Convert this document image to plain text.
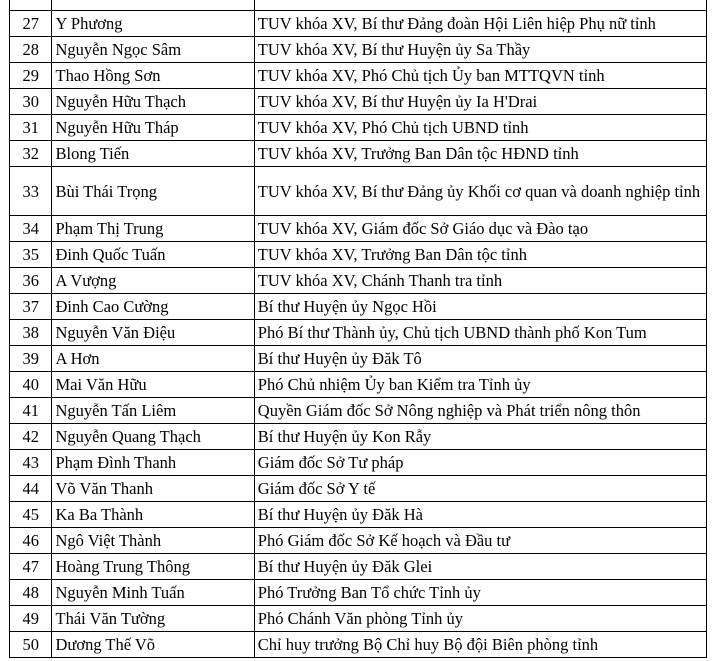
27	Y Phương	TUV khóa XV, Bí thư Đảng đoàn Hội Liên hiệp Phụ nữ tỉnh
28	Nguyễn Ngọc Sâm	TUV khóa XV, Bí thư Huyện ủy Sa Thầy
29	Thao Hồng Sơn	TUV khóa XV, Phó Chủ tịch Ủy ban MTTQVN tỉnh
30	Nguyễn Hữu Thạch	TUV khóa XV, Bí thư Huyện ủy Ia H'Drai
31	Nguyễn Hữu Tháp	TUV khóa XV, Phó Chủ tịch UBND tỉnh
32	Blong Tiến	TUV khóa XV, Trưởng Ban Dân tộc HĐND tỉnh
33	Bùi Thái Trọng	TUV khóa XV, Bí thư Đảng ủy Khối cơ quan và doanh nghiệp tỉnh
34	Phạm Thị Trung	TUV khóa XV, Giám đốc Sở Giáo dục và Đào tạo
35	Đinh Quốc Tuấn	TUV khóa XV, Trưởng Ban Dân tộc tỉnh
36	A Vượng	TUV khóa XV, Chánh Thanh tra tỉnh
37	Đinh Cao Cường	Bí thư Huyện ủy Ngọc Hồi
38	Nguyễn Văn Điệu	Phó Bí thư Thành ủy, Chủ tịch UBND thành phố Kon Tum
39	A Hơn	Bí thư Huyện ủy Đăk Tô
40	Mai Văn Hữu	Phó Chủ nhiệm Ủy ban Kiểm tra Tỉnh ủy
41	Nguyễn Tấn Liêm	Quyền Giám đốc Sở Nông nghiệp và Phát triển nông thôn
42	Nguyễn Quang Thạch	Bí thư Huyện ủy Kon Rẫy
43	Phạm Đình Thanh	Giám đốc Sở Tư pháp
44	Võ Văn Thanh	Giám đốc Sở Y tế
45	Ka Ba Thành	Bí thư Huyện ủy Đăk Hà
46	Ngô Việt Thành	Phó Giám đốc Sở Kế hoạch và Đầu tư
47	Hoàng Trung Thông	Bí thư Huyện ủy Đăk Glei
48	Nguyễn Minh Tuấn	Phó Trưởng Ban Tổ chức Tỉnh ủy
49	Thái Văn Tường	Phó Chánh Văn phòng Tỉnh ủy
50	Dương Thế Võ	Chỉ huy trưởng Bộ Chỉ huy Bộ đội Biên phòng tỉnh
